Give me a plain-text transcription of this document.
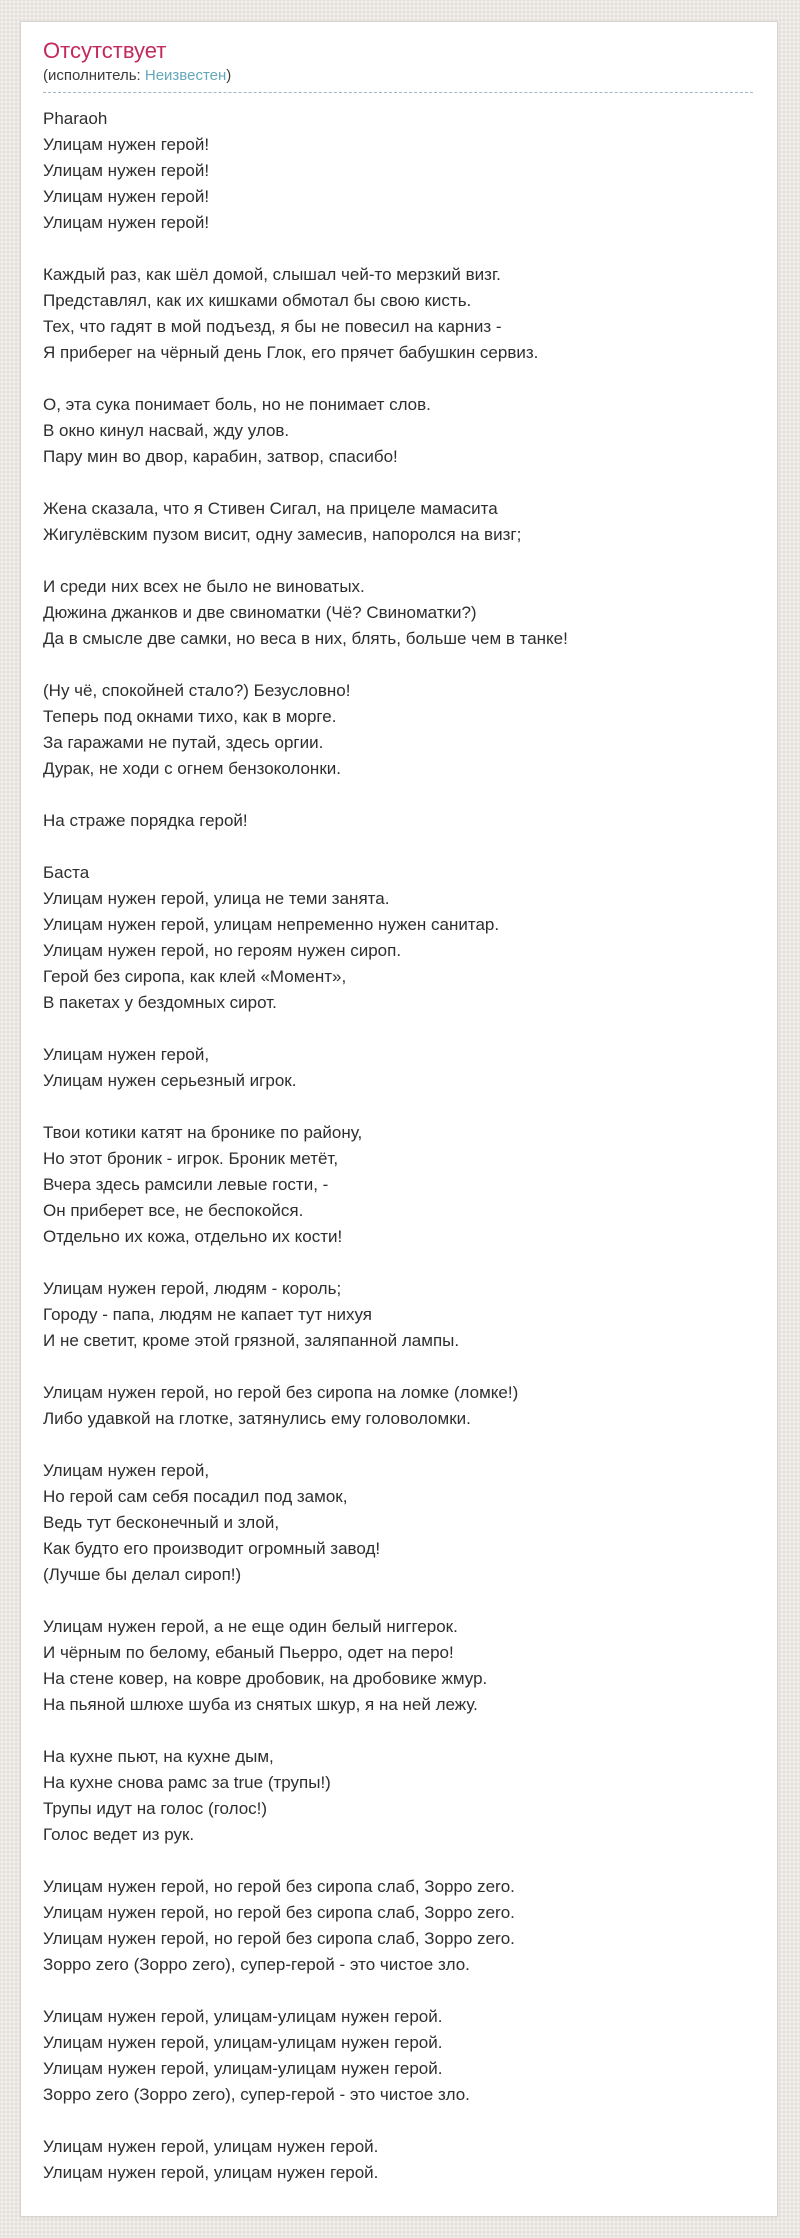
Отсутствует
(исполнитель: Неизвестен)
Pharaoh
Улицам нужен герой!
Улицам нужен герой!
Улицам нужен герой!
Улицам нужен герой!
Каждый раз, как шёл домой, слышал чей-то мерзкий визг.
Представлял, как их кишками обмотал бы свою кисть.
Тех, что гадят в мой подъезд, я бы не повесил на карниз -
Я приберег на чёрный день Глок, его прячет бабушкин сервиз.
О, эта сука понимает боль, но не понимает слов.
В окно кинул насвай, жду улов.
Пару мин во двор, карабин, затвор, спасибо!
Жена сказала, что я Стивен Сигал, на прицеле мамасита
Жигулёвским пузом висит, одну замесив, напоролся на визг;
И среди них всех не было не виноватых.
Дюжина джанков и две свиноматки (Чё? Свиноматки?)
Да в смысле две самки, но веса в них, блять, больше чем в танке!
(Ну чё, спокойней стало?) Безусловно!
Теперь под окнами тихо, как в морге.
За гаражами не путай, здесь оргии.
Дурак, не ходи с огнем бензоколонки.
На страже порядка герой!
Баста
Улицам нужен герой, улица не теми занята.
Улицам нужен герой, улицам непременно нужен санитар.
Улицам нужен герой, но героям нужен сироп.
Герой без сиропа, как клей «Момент»,
В пакетах у бездомных сирот.
Улицам нужен герой,
Улицам нужен серьезный игрок.
Твои котики катят на бронике по району,
Но этот броник - игрок. Броник метёт,
Вчера здесь рамсили левые гости, -
Он приберет все, не беспокойся.
Отдельно их кожа, отдельно их кости!
Улицам нужен герой, людям - король;
Городу - папа, людям не капает тут нихуя
И не светит, кроме этой грязной, заляпанной лампы.
Улицам нужен герой, но герой без сиропа на ломке (ломке!)
Либо удавкой на глотке, затянулись ему головоломки.
Улицам нужен герой,
Но герой сам себя посадил под замок,
Ведь тут бесконечный и злой,
Как будто его производит огромный завод!
(Лучше бы делал сироп!)
Улицам нужен герой, а не еще один белый ниггерок.
И чёрным по белому, ебаный Пьерро, одет на перо!
На стене ковер, на ковре дробовик, на дробовике жмур.
На пьяной шлюхе шуба из снятых шкур, я на ней лежу.
На кухне пьют, на кухне дым,
На кухне снова рамс за true (трупы!)
Трупы идут на голос (голос!)
Голос ведет из рук.
Улицам нужен герой, но герой без сиропа слаб, Зорро zero.
Улицам нужен герой, но герой без сиропа слаб, Зорро zero.
Улицам нужен герой, но герой без сиропа слаб, Зорро zero.
Зорро zero (Зорро zero), супер-герой - это чистое зло.
Улицам нужен герой, улицам-улицам нужен герой.
Улицам нужен герой, улицам-улицам нужен герой.
Улицам нужен герой, улицам-улицам нужен герой.
Зорро zero (Зорро zero), супер-герой - это чистое зло.
Улицам нужен герой, улицам нужен герой.
Улицам нужен герой, улицам нужен герой.
